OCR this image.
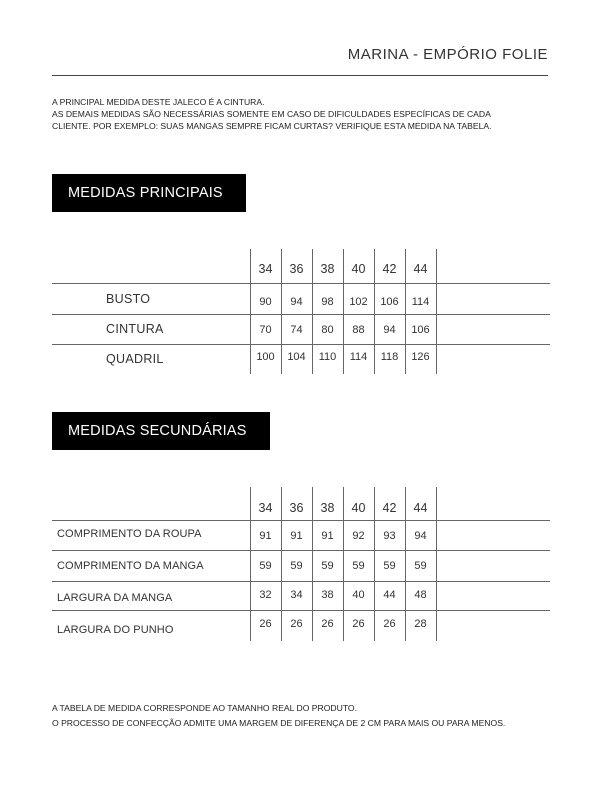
MARINA - EMPÓRIO FOLIE
A PRINCIPAL MEDIDA DESTE JALECO É A CINTURA.
AS DEMAIS MEDIDAS SÃO NECESSÁRIAS SOMENTE EM CASO DE DIFICULDADES ESPECÍFICAS DE CADA
CLIENTE. POR EXEMPLO: SUAS MANGAS SEMPRE FICAM CURTAS? VERIFIQUE ESTA MEDIDA NA TABELA.
MEDIDAS PRINCIPAIS
34	36	38	40	42	44
BUSTO	90	94	98	102	106	114
CINTURA	70	74	80	88	94	106
QUADRIL	100	104	110	114	118	126
MEDIDAS SECUNDÁRIAS
34	36	38	40	42	44
COMPRIMENTO DA ROUPA	91	91	91	92	93	94
COMPRIMENTO DA MANGA	59	59	59	59	59	59
LARGURA DA MANGA	32	34	38	40	44	48
LARGURA DO PUNHO	26	26	26	26	26	28
A TABELA DE MEDIDA CORRESPONDE AO TAMANHO REAL DO PRODUTO.
O PROCESSO DE CONFECÇÃO ADMITE UMA MARGEM DE DIFERENÇA DE 2 CM PARA MAIS OU PARA MENOS.
